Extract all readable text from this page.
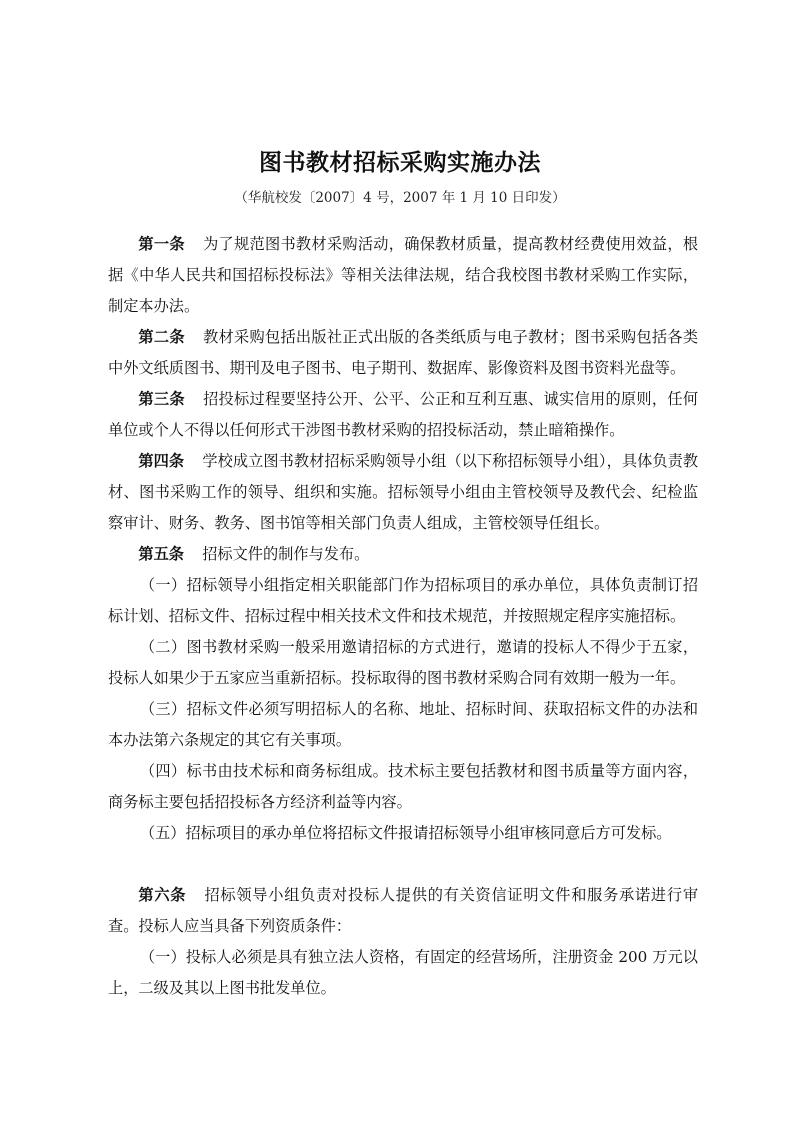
图书教材招标采购实施办法
（华航校发〔2007〕4 号，2007 年 1 月 10 日印发）

第一条 为了规范图书教材采购活动，确保教材质量，提高教材经费使用效益，根据《中华人民共和国招标投标法》等相关法律法规，结合我校图书教材采购工作实际，制定本办法。

第二条 教材采购包括出版社正式出版的各类纸质与电子教材；图书采购包括各类中外文纸质图书、期刊及电子图书、电子期刊、数据库、影像资料及图书资料光盘等。

第三条 招投标过程要坚持公开、公平、公正和互利互惠、诚实信用的原则，任何单位或个人不得以任何形式干涉图书教材采购的招投标活动，禁止暗箱操作。

第四条 学校成立图书教材招标采购领导小组（以下称招标领导小组），具体负责教材、图书采购工作的领导、组织和实施。招标领导小组由主管校领导及教代会、纪检监察审计、财务、教务、图书馆等相关部门负责人组成，主管校领导任组长。

第五条 招标文件的制作与发布。

（一）招标领导小组指定相关职能部门作为招标项目的承办单位，具体负责制订招标计划、招标文件、招标过程中相关技术文件和技术规范，并按照规定程序实施招标。

（二）图书教材采购一般采用邀请招标的方式进行，邀请的投标人不得少于五家，投标人如果少于五家应当重新招标。投标取得的图书教材采购合同有效期一般为一年。

（三）招标文件必须写明招标人的名称、地址、招标时间、获取招标文件的办法和本办法第六条规定的其它有关事项。

（四）标书由技术标和商务标组成。技术标主要包括教材和图书质量等方面内容，商务标主要包括招投标各方经济利益等内容。

（五）招标项目的承办单位将招标文件报请招标领导小组审核同意后方可发标。

第六条 招标领导小组负责对投标人提供的有关资信证明文件和服务承诺进行审查。投标人应当具备下列资质条件：

（一）投标人必须是具有独立法人资格，有固定的经营场所，注册资金 200 万元以上，二级及其以上图书批发单位。
